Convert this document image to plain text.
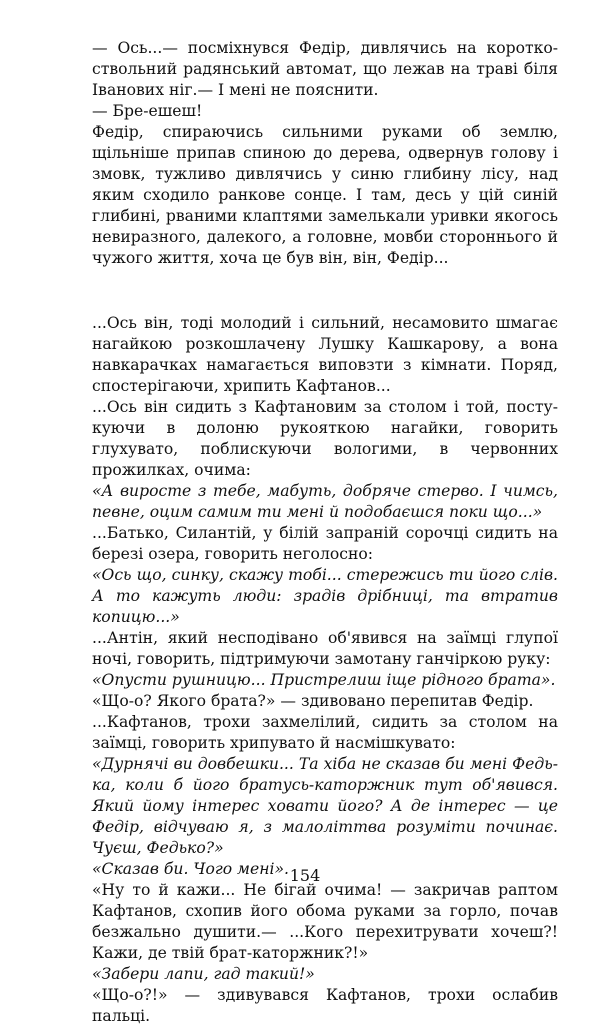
— Ось...— посміхнувся Федір, дивлячись на короткоствольний радянський автомат, що лежав на траві біля Іванових ніг.— І мені не пояснити.

— Бре-ешеш!

Федір, спираючись сильними руками об землю, щільніше припав спиною до дерева, одвернув голову і змовк, тужливо дивлячись у синю глибину лісу, над яким сходило ранкове сонце. І там, десь у цій синій глибині, рваними клаптями замелькали уривки якогось невиразного, далекого, а головне, мовби стороннього й чужого життя, хоча це був він, він, Федір...

...Ось він, тоді молодий і сильний, несамовито шмагає нагайкою розкошлачену Лушку Кашкарову, а вона навкарачках намагається виповзти з кімнати. Поряд, спостерігаючи, хрипить Кафтанов...

...Ось він сидить з Кафтановим за столом і той, постукуючи в долоню рукояткою нагайки, говорить глухувато, поблискуючи вологими, в червонних прожилках, очима:

«А виросте з тебе, мабуть, добряче стерво. І чимсь, певне, оцим самим ти мені й подобаєшся поки що...»

...Батько, Силантій, у білій запраній сорочці сидить на березі озера, говорить неголосно:

«Ось що, синку, скажу тобі... стережись ти його слів. А то кажуть люди: зрадів дрібниці, та втратив копицю...»

...Антін, який несподівано об'явився на заїмці глупої ночі, говорить, підтримуючи замотану ганчіркою руку:

«Опусти рушницю... Пристрелиш іще рідного брата».

«Що-о? Якого брата?» — здивовано перепитав Федір.

...Кафтанов, трохи захмелілий, сидить за столом на заїмці, говорить хрипувато й насмішкувато:

«Дурнячі ви довбешки... Та хіба не сказав би мені Федька, коли б його братусь-каторжник тут об'явився. Який йому інтерес ховати його? А де інтерес — це Федір, відчуваю я, з малоліттва розуміти починає. Чуєш, Федько?»

«Сказав би. Чого мені».

«Ну то й кажи... Не бігай очима! — закричав раптом Кафтанов, схопив його обома руками за горло, почав безжально душити.— ...Кого перехитрувати хочеш?! Кажи, де твій брат-каторжник?!»

«Забери лапи, гад такий!»

«Що-о?!» — здивувався Кафтанов, трохи ослабив пальці.

154
